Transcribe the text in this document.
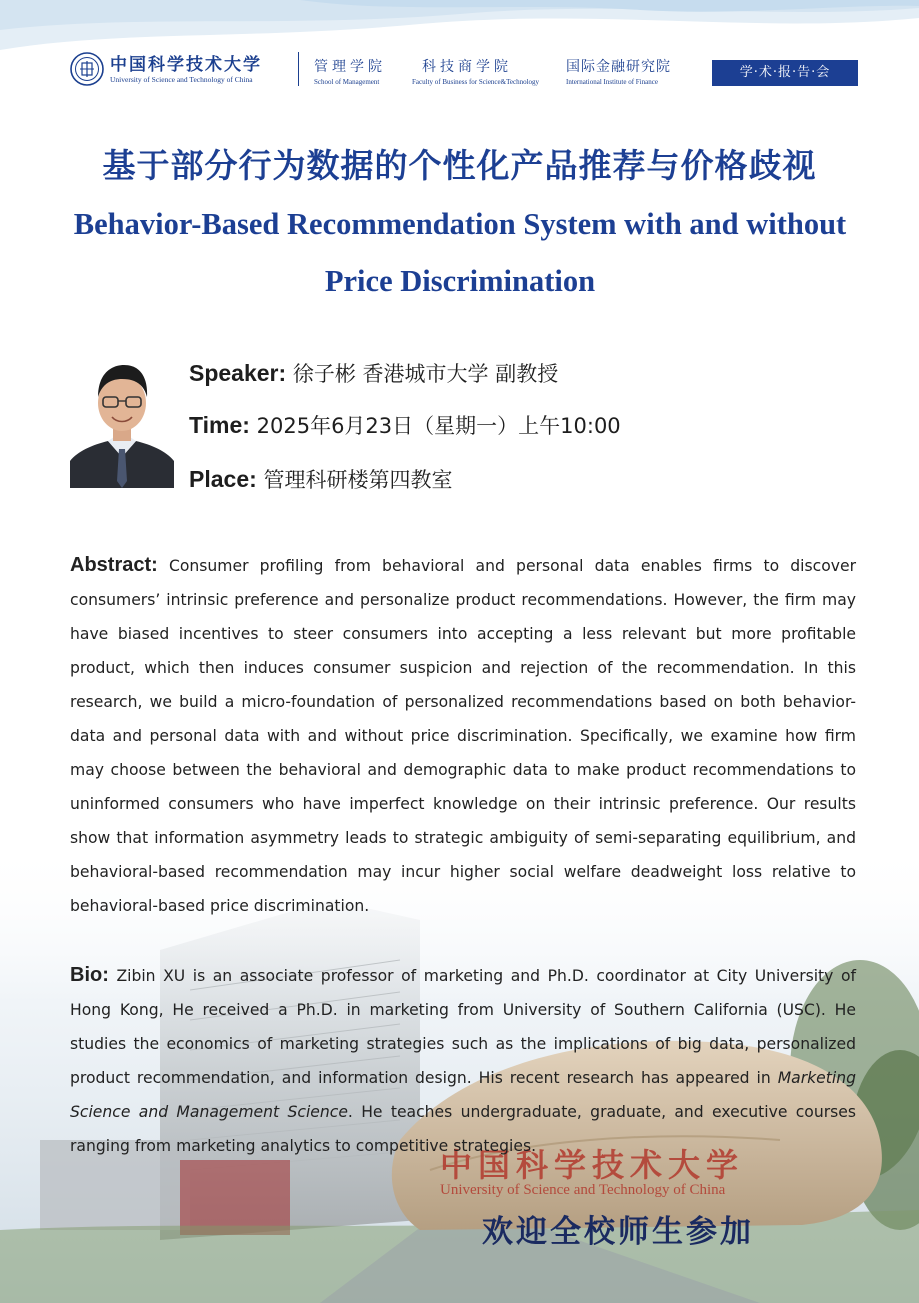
中国科学技术大学
University of Science and Technology of China
管理学院
School of Management
科技商学院
Faculty of Business for Science&Technology
国际金融研究院
International Institute of Finance
学·术·报·告·会
基于部分行为数据的个性化产品推荐与价格歧视
Behavior-Based Recommendation System with and without Price Discrimination
Speaker: 徐子彬 香港城市大学 副教授
Time: 2025年6月23日（星期一）上午10:00
Place: 管理科研楼第四教室
中国科学技术大学
University of Science and Technology of China
Abstract: Consumer profiling from behavioral and personal data enables firms to discover consumers’ intrinsic preference and personalize product recommendations. However, the firm may have biased incentives to steer consumers into accepting a less relevant but more profitable product, which then induces consumer suspicion and rejection of the recommendation. In this research, we build a micro-foundation of personalized recommendations based on both behavior-data and personal data with and without price discrimination. Specifically, we examine how firm may choose between the behavioral and demographic data to make product recommendations to uninformed consumers who have imperfect knowledge on their intrinsic preference. Our results show that information asymmetry leads to strategic ambiguity of semi-separating equilibrium, and behavioral-based recommendation may incur higher social welfare deadweight loss relative to behavioral-based price discrimination.
Bio: Zibin XU is an associate professor of marketing and Ph.D. coordinator at City University of Hong Kong, He received a Ph.D. in marketing from University of Southern California (USC). He studies the economics of marketing strategies such as the implications of big data, personalized product recommendation, and information design. His recent research has appeared in Marketing Science and Management Science. He teaches undergraduate, graduate, and executive courses ranging from marketing analytics to competitive strategies.
欢迎全校师生参加
